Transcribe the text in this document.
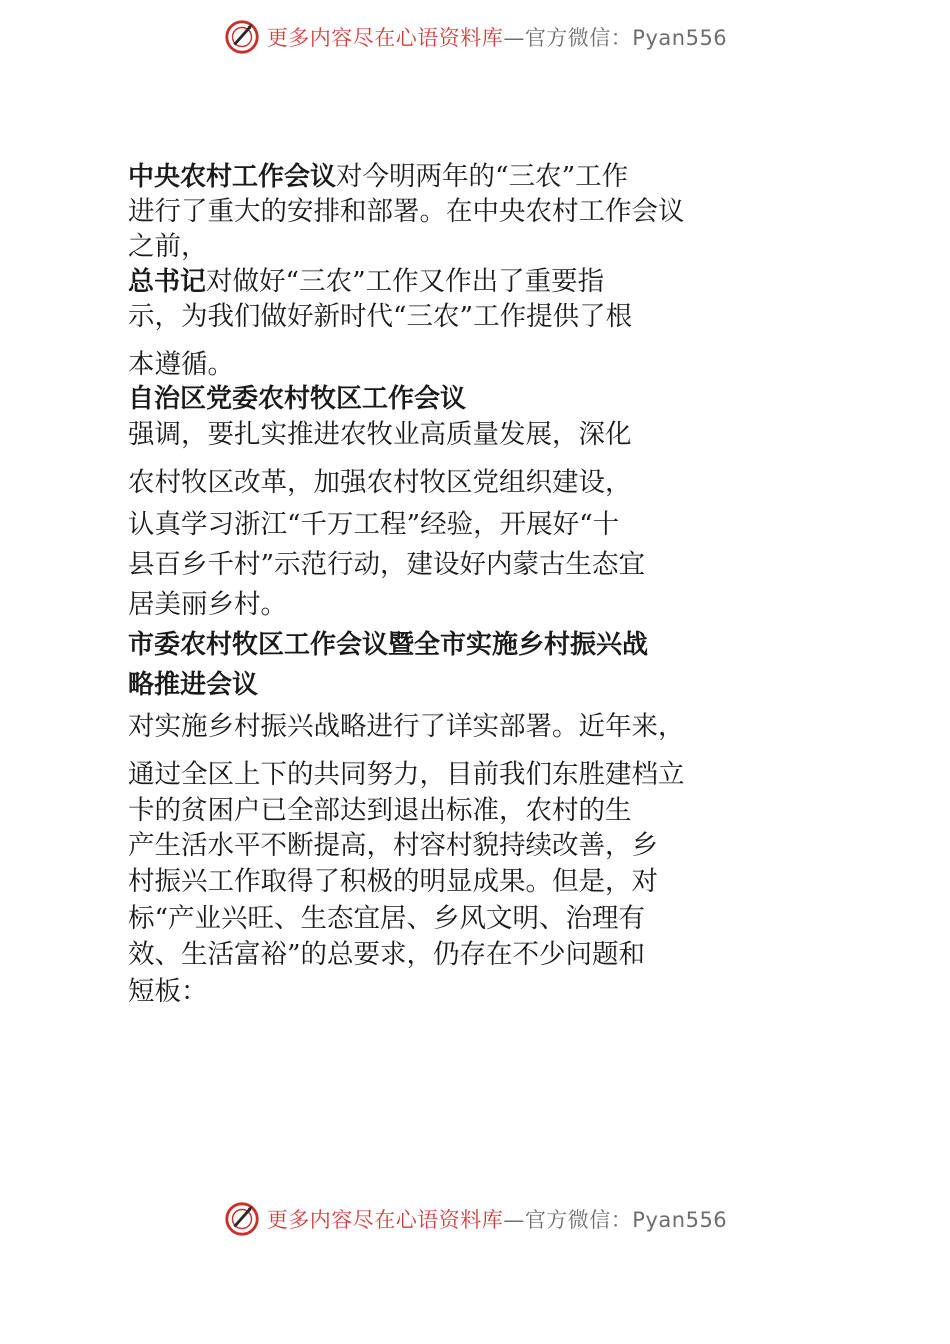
更多内容尽在心语资料库—官方微信：Pyan556
中央农村工作会议对今明两年的“三农”工作
进行了重大的安排和部署。在中央农村工作会议
之前，
总书记对做好“三农”工作又作出了重要指
示，为我们做好新时代“三农”工作提供了根
本遵循。
自治区党委农村牧区工作会议
强调，要扎实推进农牧业高质量发展，深化
农村牧区改革，加强农村牧区党组织建设，
认真学习浙江“千万工程”经验，开展好“十
县百乡千村”示范行动，建设好内蒙古生态宜
居美丽乡村。
市委农村牧区工作会议暨全市实施乡村振兴战
略推进会议
对实施乡村振兴战略进行了详实部署。近年来，
通过全区上下的共同努力，目前我们东胜建档立
卡的贫困户已全部达到退出标准，农村的生
产生活水平不断提高，村容村貌持续改善，乡
村振兴工作取得了积极的明显成果。但是，对
标“产业兴旺、生态宜居、乡风文明、治理有
效、生活富裕”的总要求，仍存在不少问题和
短板：
更多内容尽在心语资料库—官方微信：Pyan556
